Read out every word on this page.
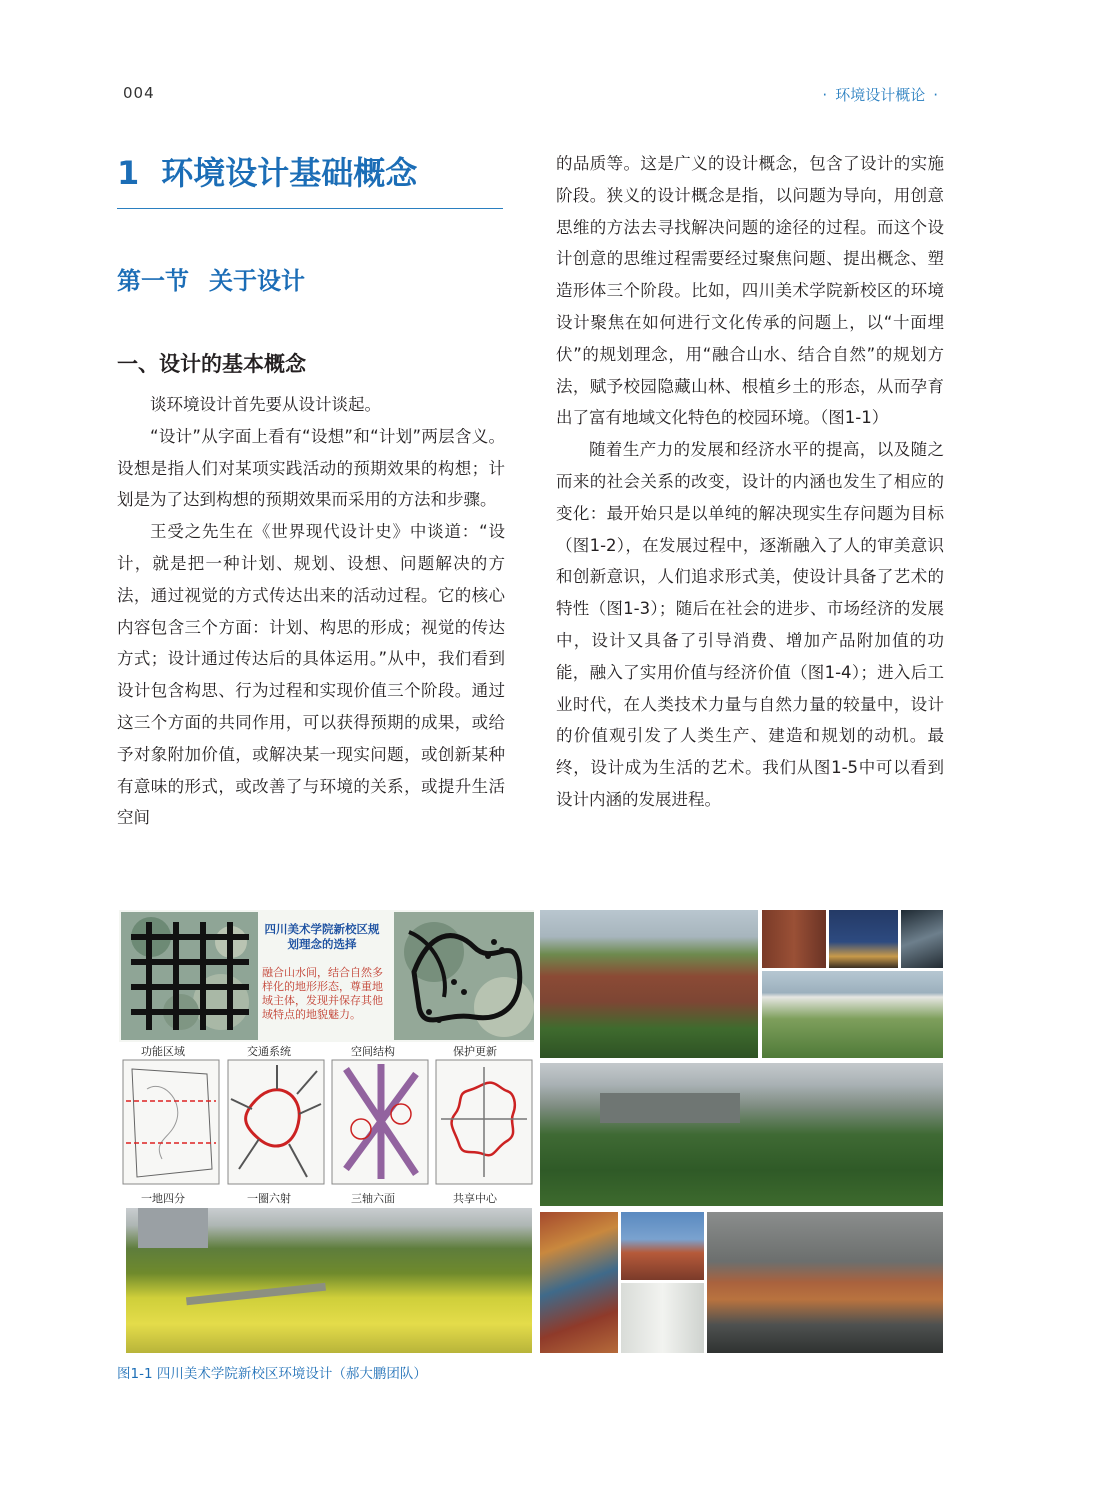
004	· 环境设计概论 ·
1 环境设计基础概念
第一节 关于设计
一、设计的基本概念

谈环境设计首先要从设计谈起。

“设计”从字面上看有“设想”和“计划”两层含义。设想是指人们对某项实践活动的预期效果的构想；计划是为了达到构想的预期效果而采用的方法和步骤。

王受之先生在《世界现代设计史》中谈道：“设计，就是把一种计划、规划、设想、问题解决的方法，通过视觉的方式传达出来的活动过程。它的核心内容包含三个方面：计划、构思的形成；视觉的传达方式；设计通过传达后的具体运用。”从中，我们看到设计包含构思、行为过程和实现价值三个阶段。通过这三个方面的共同作用，可以获得预期的成果，或给予对象附加价值，或解决某一现实问题，或创新某种有意味的形式，或改善了与环境的关系，或提升生活空间

的品质等。这是广义的设计概念，包含了设计的实施阶段。狭义的设计概念是指，以问题为导向，用创意思维的方法去寻找解决问题的途径的过程。而这个设计创意的思维过程需要经过聚焦问题、提出概念、塑造形体三个阶段。比如，四川美术学院新校区的环境设计聚焦在如何进行文化传承的问题上，以“十面埋伏”的规划理念，用“融合山水、结合自然”的规划方法，赋予校园隐藏山林、根植乡土的形态，从而孕育出了富有地域文化特色的校园环境。（图1-1）

随着生产力的发展和经济水平的提高，以及随之而来的社会关系的改变，设计的内涵也发生了相应的变化：最开始只是以单纯的解决现实生存问题为目标（图1-2），在发展过程中，逐渐融入了人的审美意识和创新意识，人们追求形式美，使设计具备了艺术的特性（图1-3）；随后在社会的进步、市场经济的发展中，设计又具备了引导消费、增加产品附加值的功能，融入了实用价值与经济价值（图1-4）；进入后工业时代，在人类技术力量与自然力量的较量中，设计的价值观引发了人类生产、建造和规划的动机。最终，设计成为生活的艺术。我们从图1-5中可以看到设计内涵的发展进程。

四川美术学院新校区规划理念的选择
融合山水间，结合自然多样化的地形形态，尊重地域主体，发现并保存其他域特点的地貌魅力。
功能区域	交通系统	空间结构	保护更新
一地四分	一圈六射	三轴六面	共享中心
图1-1 四川美术学院新校区环境设计（郝大鹏团队）
